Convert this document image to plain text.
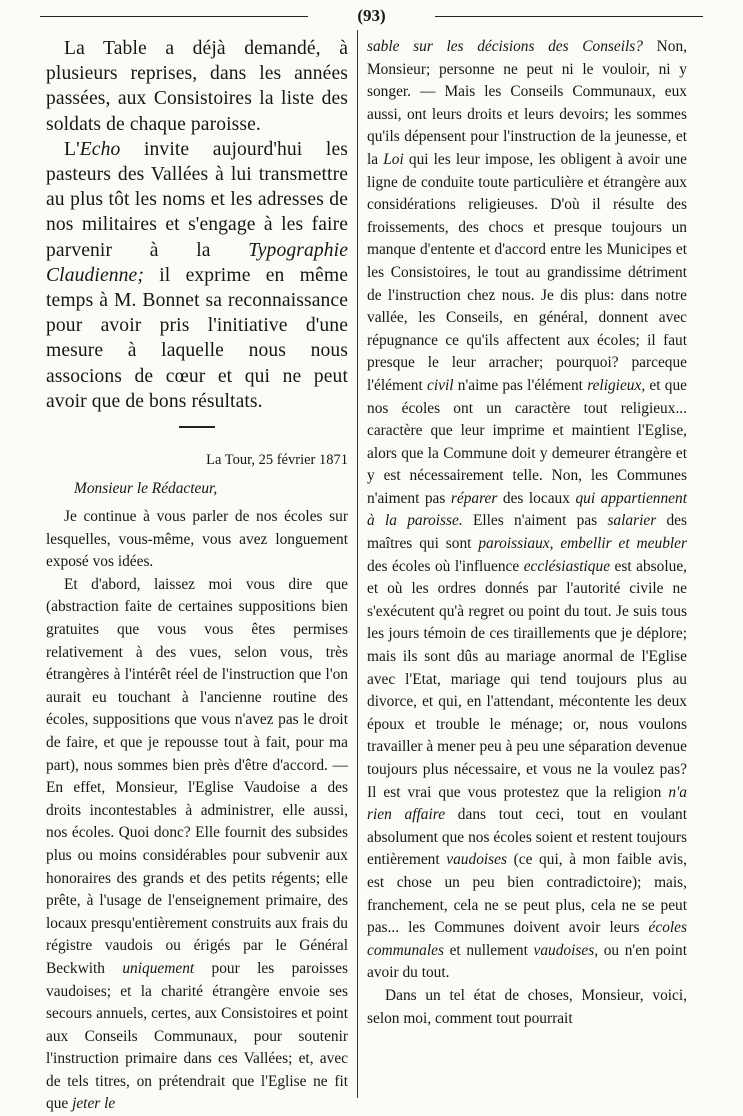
(93)

La Table a déjà demandé, à plusieurs reprises, dans les années passées, aux Consistoires la liste des soldats de chaque paroisse.

L'Echo invite aujourd'hui les pasteurs des Vallées à lui transmettre au plus tôt les noms et les adresses de nos militaires et s'engage à les faire parvenir à la Typographie Claudienne; il exprime en même temps à M. Bonnet sa reconnaissance pour avoir pris l'initiative d'une mesure à laquelle nous nous associons de cœur et qui ne peut avoir que de bons résultats.

La Tour, 25 février 1871
Monsieur le Rédacteur,

Je continue à vous parler de nos écoles sur lesquelles, vous-même, vous avez longuement exposé vos idées.

Et d'abord, laissez moi vous dire que (abstraction faite de certaines suppositions bien gratuites que vous vous êtes permises relativement à des vues, selon vous, très étrangères à l'intérêt réel de l'instruction que l'on aurait eu touchant à l'ancienne routine des écoles, suppositions que vous n'avez pas le droit de faire, et que je repousse tout à fait, pour ma part), nous sommes bien près d'être d'accord. — En effet, Monsieur, l'Eglise Vaudoise a des droits incontestables à administrer, elle aussi, nos écoles. Quoi donc? Elle fournit des subsides plus ou moins considérables pour subvenir aux honoraires des grands et des petits régents; elle prête, à l'usage de l'enseignement primaire, des locaux presqu'entièrement construits aux frais du régistre vaudois ou érigés par le Général Beckwith uniquement pour les paroisses vaudoises; et la charité étrangère envoie ses secours annuels, certes, aux Consistoires et point aux Conseils Communaux, pour soutenir l'instruction primaire dans ces Vallées; et, avec de tels titres, on prétendrait que l'Eglise ne fit que jeter le

sable sur les décisions des Conseils? Non, Monsieur; personne ne peut ni le vouloir, ni y songer. — Mais les Conseils Communaux, eux aussi, ont leurs droits et leurs devoirs; les sommes qu'ils dépensent pour l'instruction de la jeunesse, et la Loi qui les leur impose, les obligent à avoir une ligne de conduite toute particulière et étrangère aux considérations religieuses. D'où il résulte des froissements, des chocs et presque toujours un manque d'entente et d'accord entre les Municipes et les Consistoires, le tout au grandissime détriment de l'instruction chez nous. Je dis plus: dans notre vallée, les Conseils, en général, donnent avec répugnance ce qu'ils affectent aux écoles; il faut presque le leur arracher; pourquoi? parceque l'élément civil n'aime pas l'élément religieux, et que nos écoles ont un caractère tout religieux... caractère que leur imprime et maintient l'Eglise, alors que la Commune doit y demeurer étrangère et y est nécessairement telle. Non, les Communes n'aiment pas réparer des locaux qui appartiennent à la paroisse. Elles n'aiment pas salarier des maîtres qui sont paroissiaux, embellir et meubler des écoles où l'influence ecclésiastique est absolue, et où les ordres donnés par l'autorité civile ne s'exécutent qu'à regret ou point du tout. Je suis tous les jours témoin de ces tiraillements que je déplore; mais ils sont dûs au mariage anormal de l'Eglise avec l'Etat, mariage qui tend toujours plus au divorce, et qui, en l'attendant, mécontente les deux époux et trouble le ménage; or, nous voulons travailler à mener peu à peu une séparation devenue toujours plus nécessaire, et vous ne la voulez pas? Il est vrai que vous protestez que la religion n'a rien affaire dans tout ceci, tout en voulant absolument que nos écoles soient et restent toujours entièrement vaudoises (ce qui, à mon faible avis, est chose un peu bien contradictoire); mais, franchement, cela ne se peut plus, cela ne se peut pas... les Communes doivent avoir leurs écoles communales et nullement vaudoises, ou n'en point avoir du tout.

Dans un tel état de choses, Monsieur, voici, selon moi, comment tout pourrait
